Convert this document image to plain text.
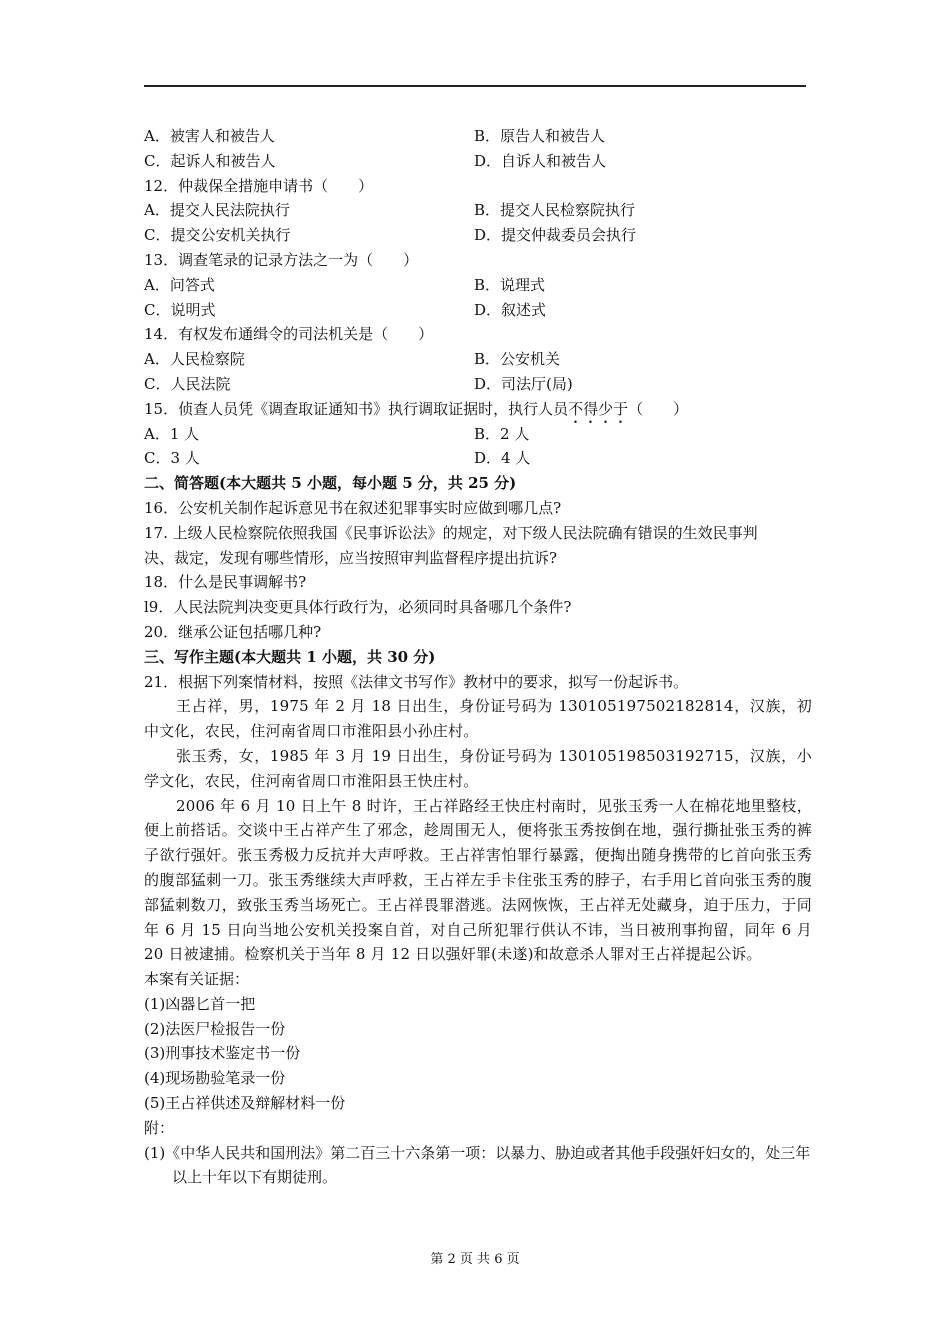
A．被害人和被告人	B．原告人和被告人
C．起诉人和被告人	D．自诉人和被告人
12．仲裁保全措施申请书（　　）
A．提交人民法院执行	B．提交人民检察院执行
C．提交公安机关执行	D．提交仲裁委员会执行
13．调查笔录的记录方法之一为（　　）
A．问答式	B．说理式
C．说明式	D．叙述式
14．有权发布通缉令的司法机关是（　　）
A．人民检察院	B．公安机关
C．人民法院	D．司法厅(局)
15．侦查人员凭《调查取证通知书》执行调取证据时，执行人员不得少于（　　）
A．1 人	B．2 人
C．3 人	D．4 人
二、简答题(本大题共 5 小题，每小题 5 分，共 25 分)
16．公安机关制作起诉意见书在叙述犯罪事实时应做到哪几点?
17. 上级人民检察院依照我国《民事诉讼法》的规定，对下级人民法院确有错误的生效民事判
决、裁定，发现有哪些情形，应当按照审判监督程序提出抗诉?
18．什么是民事调解书?
l9．人民法院判决变更具体行政行为，必须同时具备哪几个条件?
20．继承公证包括哪几种?
三、写作主题(本大题共 1 小题，共 30 分)
21．根据下列案情材料，按照《法律文书写作》教材中的要求，拟写一份起诉书。
王占祥，男，1975 年 2 月 18 日出生，身份证号码为 130105197502182814，汉族，初中文化，农民，住河南省周口市淮阳县小孙庄村。
张玉秀，女，1985 年 3 月 19 日出生，身份证号码为 130105198503192715，汉族，小学文化，农民，住河南省周口市淮阳县王快庄村。
2006 年 6 月 10 日上午 8 时许，王占祥路经王快庄村南时，见张玉秀一人在棉花地里整枝，便上前搭话。交谈中王占祥产生了邪念，趁周围无人，便将张玉秀按倒在地，强行撕扯张玉秀的裤子欲行强奸。张玉秀极力反抗并大声呼救。王占祥害怕罪行暴露，便掏出随身携带的匕首向张玉秀的腹部猛刺一刀。张玉秀继续大声呼救，王占祥左手卡住张玉秀的脖子，右手用匕首向张玉秀的腹部猛刺数刀，致张玉秀当场死亡。王占祥畏罪潜逃。法网恢恢，王占祥无处藏身，迫于压力，于同年 6 月 15 日向当地公安机关投案自首，对自己所犯罪行供认不讳，当日被刑事拘留，同年 6 月 20 日被逮捕。检察机关于当年 8 月 12 日以强奸罪(未遂)和故意杀人罪对王占祥提起公诉。
本案有关证据：
(1)凶器匕首一把
(2)法医尸检报告一份
(3)刑事技术鉴定书一份
(4)现场勘验笔录一份
(5)王占祥供述及辩解材料一份
附：
(1)《中华人民共和国刑法》第二百三十六条第一项：以暴力、胁迫或者其他手段强奸妇女的，处三年以上十年以下有期徒刑。
第 2 页 共 6 页
